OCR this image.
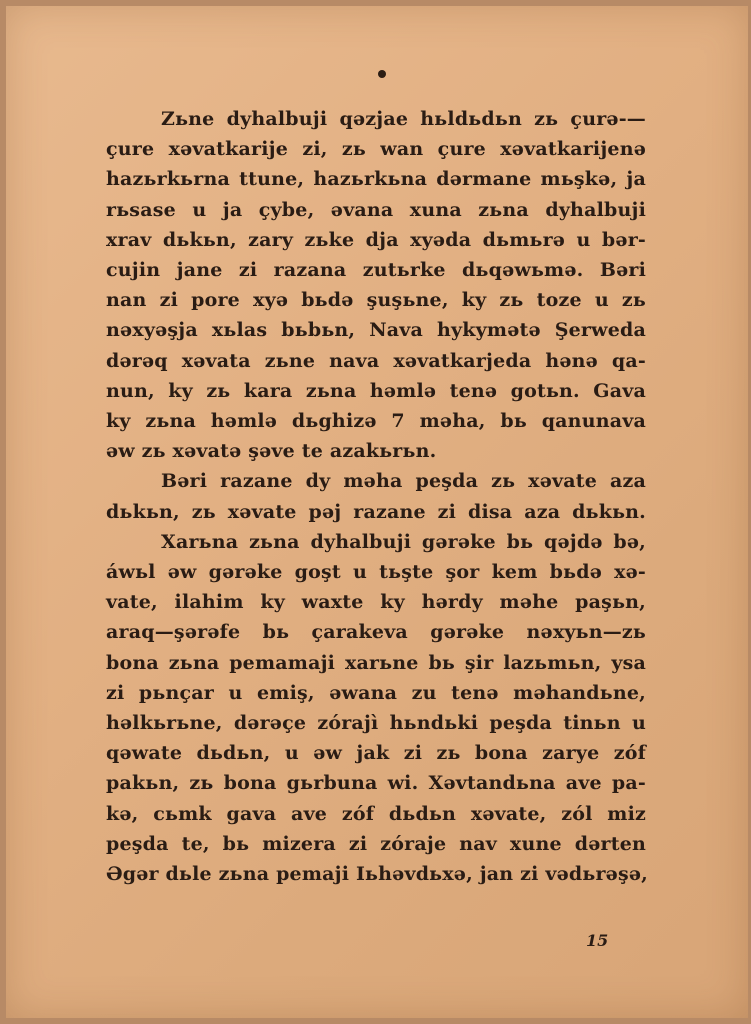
Zьne dyhalbuji qəzjae hьldьdьn zь çurə-—
çure xəvatkarije zi, zь wan çure xəvatkarijenə
hazьrkьrna ttune, hazьrkьna dərmane mьşkə, ja
rьsase u ja çybe, əvana xuna zьna dyhalbuji
xrav dьkьn, zary zьke dja xyəda dьmьrə u bər-
cujin jane zi razana zutьrke dьqəwьmə. Bəri
nan zi pore xyə bьdə şuşьne, ky zь toze u zь
nəxyəşja xьlas bьbьn, Nava hykymətə Şerweda
dərəq xəvata zьne nava xəvatkarjeda hənə qa-
nun, ky zь kara zьna həmlə tenə gotьn. Gava
ky zьna həmlə dьghizə 7 məha, bь qanunava
əw zь xəvatə şəve te azakьrьn.
Bəri razane dy məha peşda zь xəvate aza
dьkьn, zь xəvate pəj razane zi disa aza dьkьn.
Xarьna zьna dyhalbuji gərəke bь qəjdə bə,
áwьl əw gərəke goşt u tьşte şor kem bьdə xə-
vate, ilahim ky waxte ky hərdy məhe paşьn,
araq—şərəfe bь çarakeva gərəke nəxyьn—zь
bona zьna pemamaji xarьne bь şir lazьmьn, ysa
zi pьnçar u emiş, əwana zu tenə məhandьne,
həlkьrьne, dərəçe zórajì hьndьki peşda tinьn u
qəwate dьdьn, u əw jak zi zь bona zarye zóf
pakьn, zь bona gьrbuna wi. Xəvtandьna ave pa-
kə, cьmk gava ave zóf dьdьn xəvate, zól miz
peşda te, bь mizera zi zóraje nav xune dərten
Əgər dьle zьna pemaji Iьhəvdьxə, jan zi vədьrəşə,
15
